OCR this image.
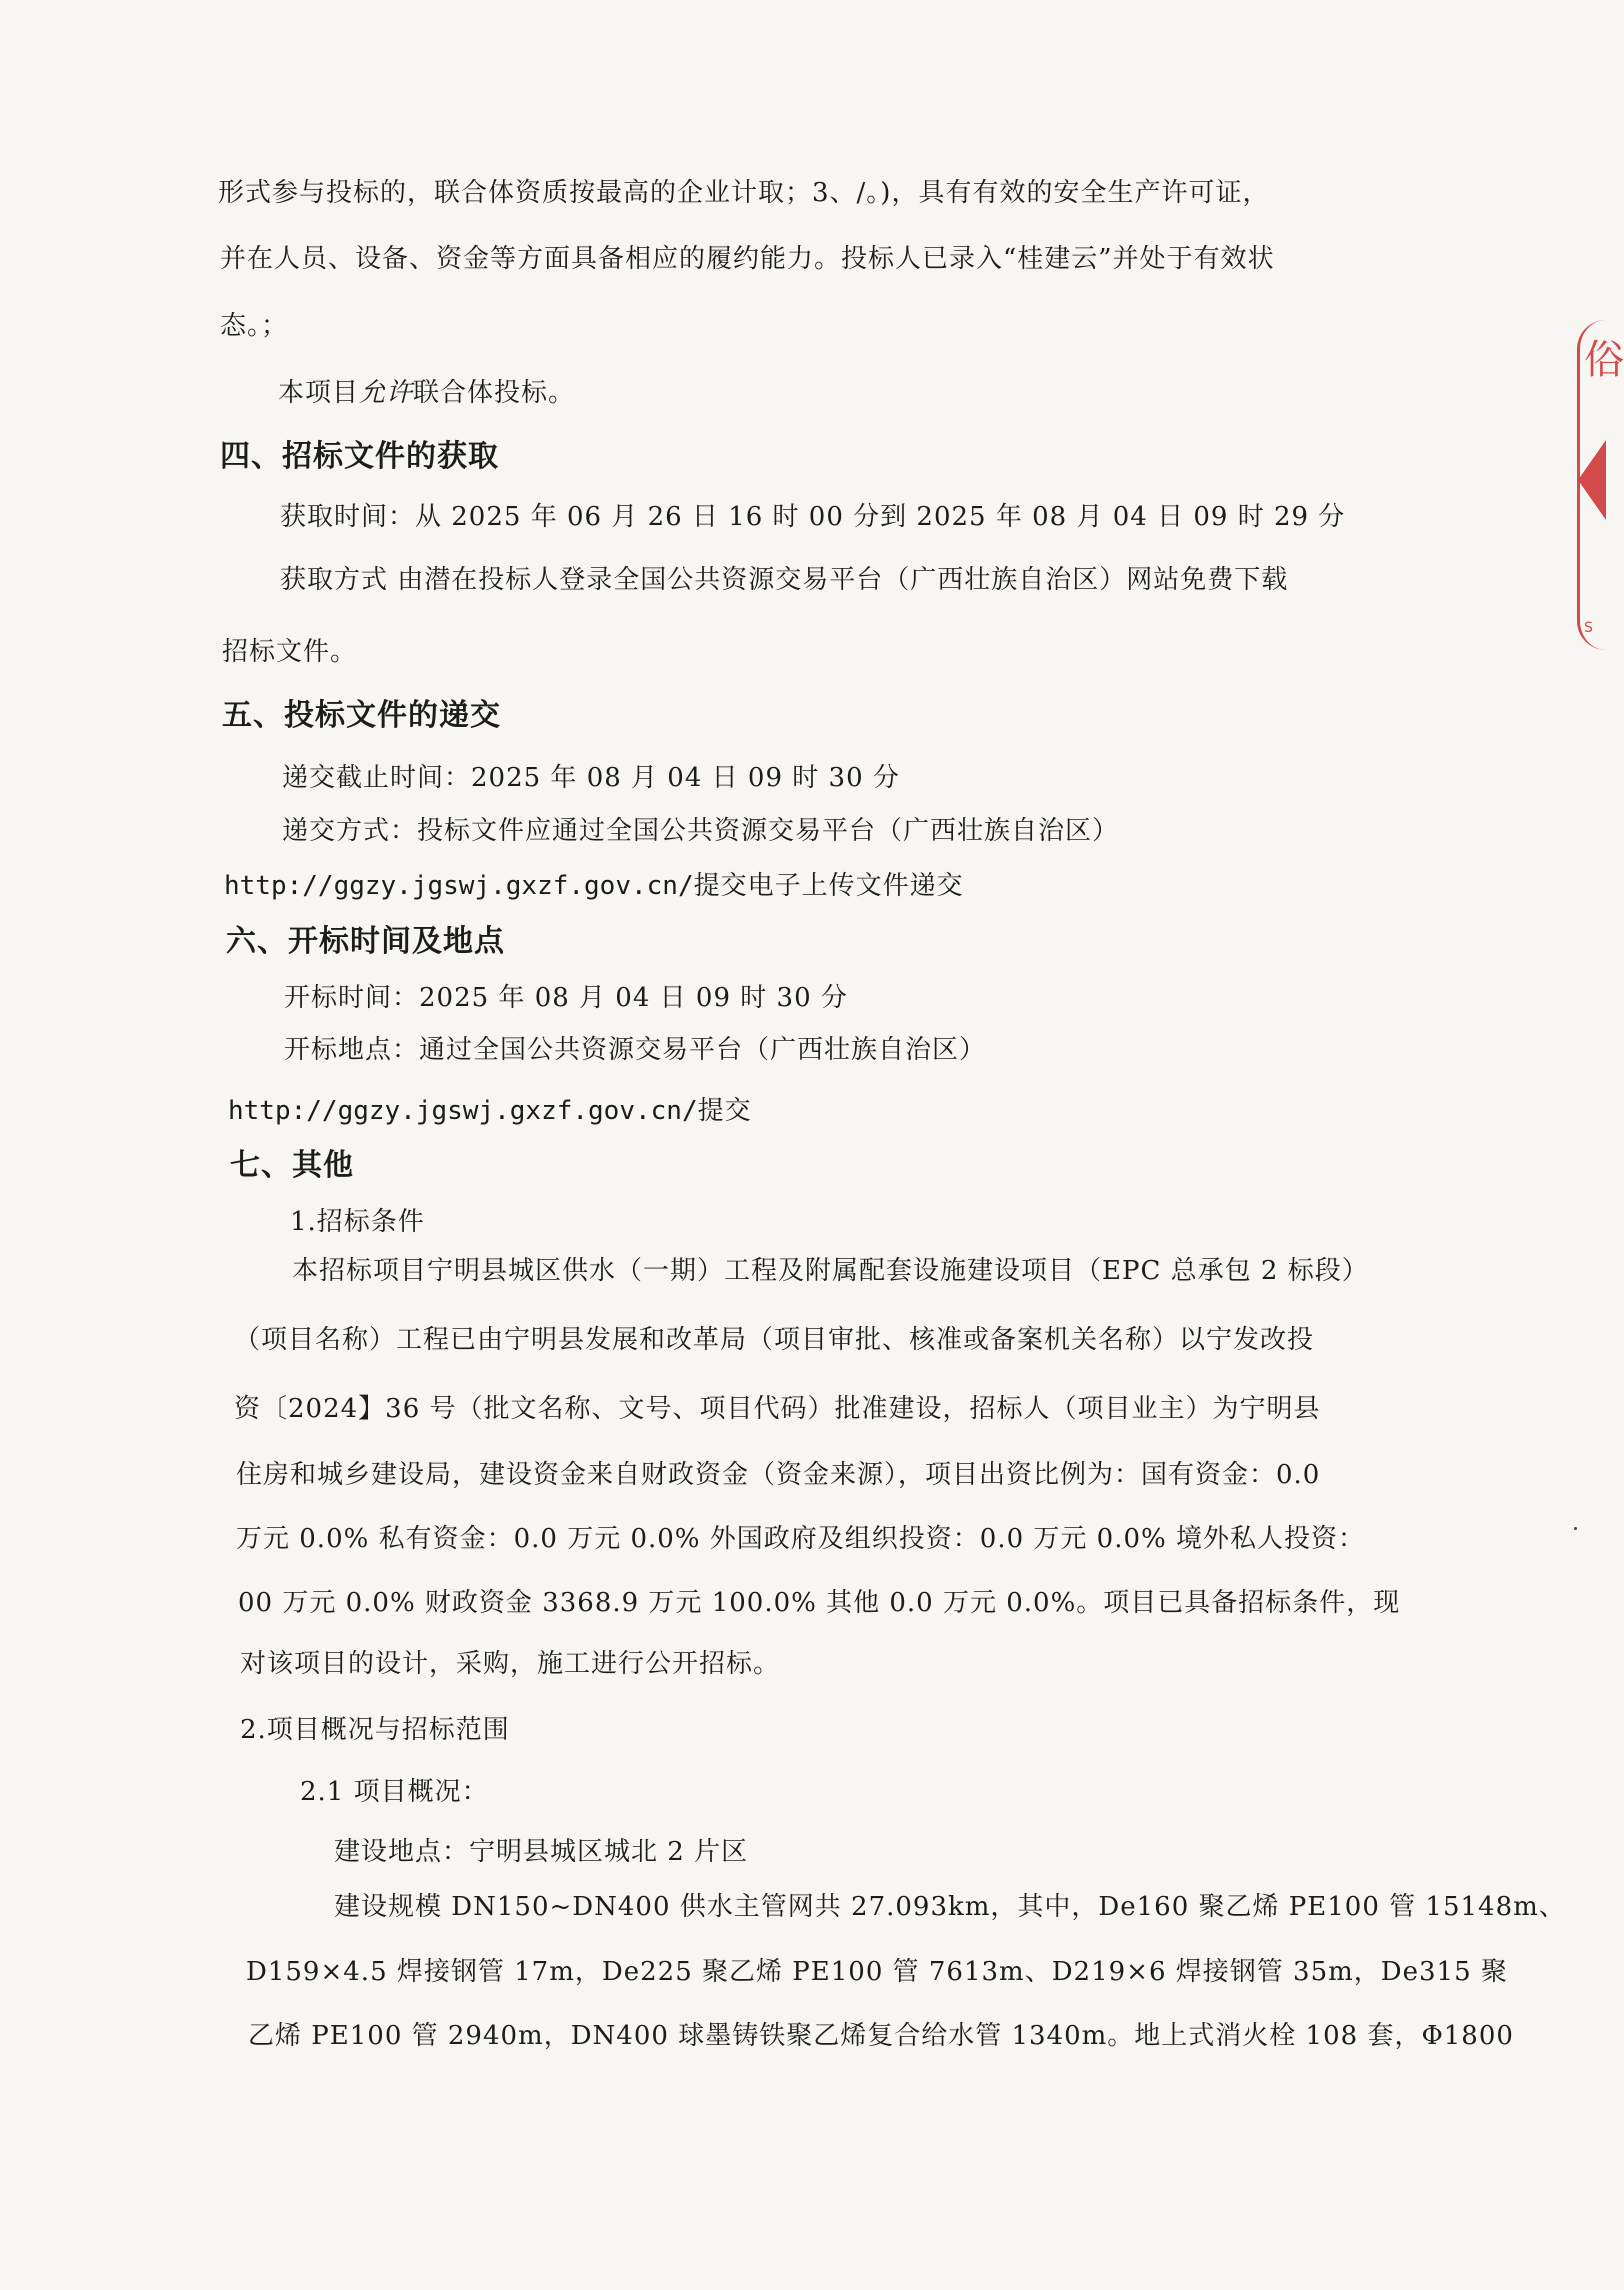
形式参与投标的，联合体资质按最高的企业计取；3、/。)，具有有效的安全生产许可证，
并在人员、设备、资金等方面具备相应的履约能力。投标人已录入“桂建云”并处于有效状
态。；
本项目允许联合体投标。
四、招标文件的获取
获取时间：从 2025 年 06 月 26 日 16 时 00 分到 2025 年 08 月 04 日 09 时 29 分
获取方式 由潜在投标人登录全国公共资源交易平台（广西壮族自治区）网站免费下载
招标文件。
五、投标文件的递交
递交截止时间：2025 年 08 月 04 日 09 时 30 分
递交方式：投标文件应通过全国公共资源交易平台（广西壮族自治区）
http://ggzy.jgswj.gxzf.gov.cn/提交电子上传文件递交
六、开标时间及地点
开标时间：2025 年 08 月 04 日 09 时 30 分
开标地点：通过全国公共资源交易平台（广西壮族自治区）
http://ggzy.jgswj.gxzf.gov.cn/提交
七、其他
1.招标条件
本招标项目宁明县城区供水（一期）工程及附属配套设施建设项目（EPC 总承包 2 标段）
（项目名称）工程已由宁明县发展和改革局（项目审批、核准或备案机关名称）以宁发改投
资〔2024】36 号（批文名称、文号、项目代码）批准建设，招标人（项目业主）为宁明县
住房和城乡建设局，建设资金来自财政资金（资金来源），项目出资比例为：国有资金：0.0
万元 0.0% 私有资金：0.0 万元 0.0% 外国政府及组织投资：0.0 万元 0.0% 境外私人投资：
00 万元 0.0% 财政资金 3368.9 万元 100.0% 其他 0.0 万元 0.0%。项目已具备招标条件，现
对该项目的设计，采购，施工进行公开招标。
2.项目概况与招标范围
2.1 项目概况：
建设地点：宁明县城区城北 2 片区
建设规模 DN150~DN400 供水主管网共 27.093km，其中，De160 聚乙烯 PE100 管 15148m、
D159×4.5 焊接钢管 17m，De225 聚乙烯 PE100 管 7613m、D219×6 焊接钢管 35m，De315 聚
乙烯 PE100 管 2940m，DN400 球墨铸铁聚乙烯复合给水管 1340m。地上式消火栓 108 套，Φ1800
俗
S
